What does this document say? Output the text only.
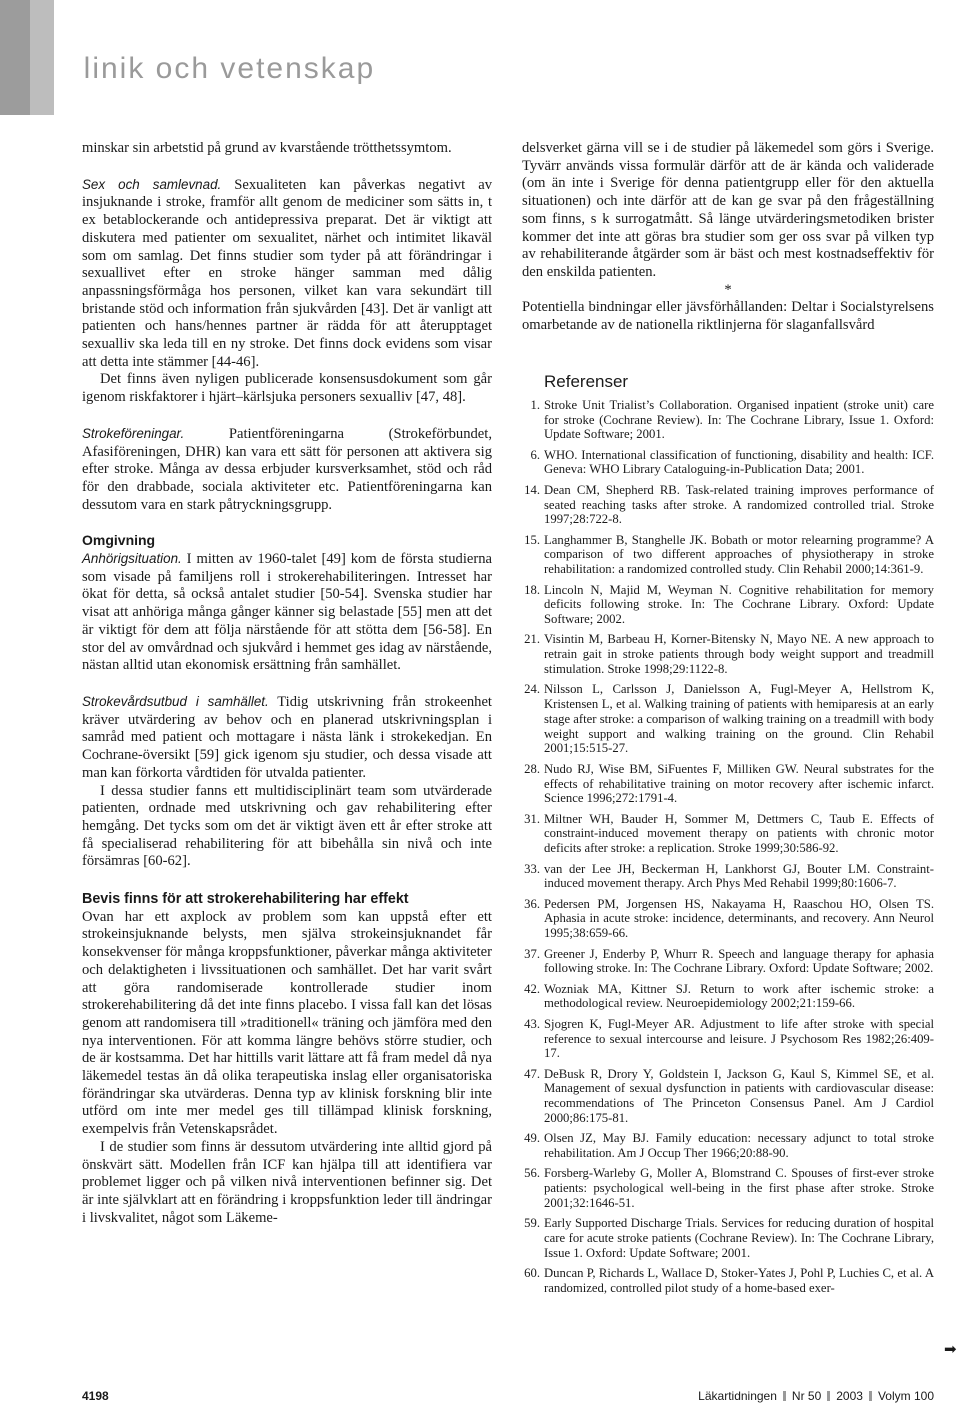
Klinik och vetenskap

minskar sin arbetstid på grund av kvarstående trötthetssymtom.

Sex och samlevnad. Sexualiteten kan påverkas negativt av insjuknande i stroke, framför allt genom de mediciner som sätts in, t ex betablockerande och antidepressiva preparat. Det är viktigt att diskutera med patienter om sexualitet, närhet och intimitet likaväl som om samlag. Det finns studier som tyder på att förändringar i sexuallivet efter en stroke hänger samman med dålig anpassningsförmåga hos personen, vilket kan vara sekundärt till bristande stöd och information från sjukvården [43]. Det är vanligt att patienten och hans/hennes partner är rädda för att återupptaget sexualliv ska leda till en ny stroke. Det finns dock evidens som visar att detta inte stämmer [44-46].

Det finns även nyligen publicerade konsensusdokument som går igenom riskfaktorer i hjärt–kärlsjuka personers sexualliv [47, 48].

Strokeföreningar. Patientföreningarna (Strokeförbundet, Afasiföreningen, DHR) kan vara ett sätt för personen att aktivera sig efter stroke. Många av dessa erbjuder kursverksamhet, stöd och råd för den drabbade, sociala aktiviteter etc. Patientföreningarna kan dessutom vara en stark påtryckningsgrupp.

Omgivning

Anhörigsituation. I mitten av 1960-talet [49] kom de första studierna som visade på familjens roll i strokerehabiliteringen. Intresset har ökat för detta, så också antalet studier [50-54]. Svenska studier har visat att anhöriga många gånger känner sig belastade [55] men att det är viktigt för dem att följa närstående för att stötta dem [56-58]. En stor del av omvårdnad och sjukvård i hemmet ges idag av närstående, nästan alltid utan ekonomisk ersättning från samhället.

Strokevårdsutbud i samhället. Tidig utskrivning från strokeenhet kräver utvärdering av behov och en planerad utskrivningsplan i samråd med patient och mottagare i nästa länk i strokekedjan. En Cochrane-översikt [59] gick igenom sju studier, och dessa visade att man kan förkorta vårdtiden för utvalda patienter.

I dessa studier fanns ett multidisciplinärt team som utvärderade patienten, ordnade med utskrivning och gav rehabilitering efter hemgång. Det tycks som om det är viktigt även ett år efter stroke att få specialiserad rehabilitering för att bibehålla sin nivå och inte försämras [60-62].

Bevis finns för att strokerehabilitering har effekt

Ovan har ett axplock av problem som kan uppstå efter ett strokeinsjuknande belysts, men själva strokeinsjuknandet får konsekvenser för många kroppsfunktioner, påverkar många aktiviteter och delaktigheten i livssituationen och samhället. Det har varit svårt att göra randomiserade kontrollerade studier inom strokerehabilitering då det inte finns placebo. I vissa fall kan det lösas genom att randomisera till »traditionell« träning och jämföra med den nya interventionen. För att komma längre behövs större studier, och de är kostsamma. Det har hittills varit lättare att få fram medel då nya läkemedel testas än då olika terapeutiska inslag eller organisatoriska förändringar ska utvärderas. Denna typ av klinisk forskning blir inte utförd om inte mer medel ges till tillämpad klinisk forskning, exempelvis från Vetenskapsrådet.

I de studier som finns är dessutom utvärdering inte alltid gjord på önskvärt sätt. Modellen från ICF kan hjälpa till att identifiera var problemet ligger och på vilken nivå interventionen befinner sig. Det är inte självklart att en förändring i kroppsfunktion leder till ändringar i livskvalitet, något som Läkeme-

delsverket gärna vill se i de studier på läkemedel som görs i Sverige. Tyvärr används vissa formulär därför att de är kända och validerade (om än inte i Sverige för denna patientgrupp eller för den aktuella situationen) och inte därför att de kan ge svar på den frågeställning som finns, s k surrogatmått. Så länge utvärderingsmetodiken brister kommer det inte att göras bra studier som ger oss svar på vilken typ av rehabiliterande åtgärder som är bäst och mest kostnadseffektiv för den enskilda patienten.

*

Potentiella bindningar eller jävsförhållanden: Deltar i Socialstyrelsens omarbetande av de nationella riktlinjerna för slaganfallsvård

Referenser
1. Stroke Unit Trialist’s Collaboration. Organised inpatient (stroke unit) care for stroke (Cochrane Review). In: The Cochrane Library, Issue 1. Oxford: Update Software; 2001.
6. WHO. International classification of functioning, disability and health: ICF. Geneva: WHO Library Cataloguing-in-Publication Data; 2001.
14. Dean CM, Shepherd RB. Task-related training improves performance of seated reaching tasks after stroke. A randomized controlled trial. Stroke 1997;28:722-8.
15. Langhammer B, Stanghelle JK. Bobath or motor relearning programme? A comparison of two different approaches of physiotherapy in stroke rehabilitation: a randomized controlled study. Clin Rehabil 2000;14:361-9.
18. Lincoln N, Majid M, Weyman N. Cognitive rehabilitation for memory deficits following stroke. In: The Cochrane Library. Oxford: Update Software; 2002.
21. Visintin M, Barbeau H, Korner-Bitensky N, Mayo NE. A new approach to retrain gait in stroke patients through body weight support and treadmill stimulation. Stroke 1998;29:1122-8.
24. Nilsson L, Carlsson J, Danielsson A, Fugl-Meyer A, Hellstrom K, Kristensen L, et al. Walking training of patients with hemiparesis at an early stage after stroke: a comparison of walking training on a treadmill with body weight support and walking training on the ground. Clin Rehabil 2001;15:515-27.
28. Nudo RJ, Wise BM, SiFuentes F, Milliken GW. Neural substrates for the effects of rehabilitative training on motor recovery after ischemic infarct. Science 1996;272:1791-4.
31. Miltner WH, Bauder H, Sommer M, Dettmers C, Taub E. Effects of constraint-induced movement therapy on patients with chronic motor deficits after stroke: a replication. Stroke 1999;30:586-92.
33. van der Lee JH, Beckerman H, Lankhorst GJ, Bouter LM. Constraint-induced movement therapy. Arch Phys Med Rehabil 1999;80:1606-7.
36. Pedersen PM, Jorgensen HS, Nakayama H, Raaschou HO, Olsen TS. Aphasia in acute stroke: incidence, determinants, and recovery. Ann Neurol 1995;38:659-66.
37. Greener J, Enderby P, Whurr R. Speech and language therapy for aphasia following stroke. In: The Cochrane Library. Oxford: Update Software; 2002.
42. Wozniak MA, Kittner SJ. Return to work after ischemic stroke: a methodological review. Neuroepidemiology 2002;21:159-66.
43. Sjogren K, Fugl-Meyer AR. Adjustment to life after stroke with special reference to sexual intercourse and leisure. J Psychosom Res 1982;26:409-17.
47. DeBusk R, Drory Y, Goldstein I, Jackson G, Kaul S, Kimmel SE, et al. Management of sexual dysfunction in patients with cardiovascular disease: recommendations of The Princeton Consensus Panel. Am J Cardiol 2000;86:175-81.
49. Olsen JZ, May BJ. Family education: necessary adjunct to total stroke rehabilitation. Am J Occup Ther 1966;20:88-90.
56. Forsberg-Warleby G, Moller A, Blomstrand C. Spouses of first-ever stroke patients: psychological well-being in the first phase after stroke. Stroke 2001;32:1646-51.
59. Early Supported Discharge Trials. Services for reducing duration of hospital care for acute stroke patients (Cochrane Review). In: The Cochrane Library, Issue 1. Oxford: Update Software; 2001.
60. Duncan P, Richards L, Wallace D, Stoker-Yates J, Pohl P, Luchies C, et al. A randomized, controlled pilot study of a home-based exer-
➡
4198	Läkartidningen Nr 50 2003 Volym 100
